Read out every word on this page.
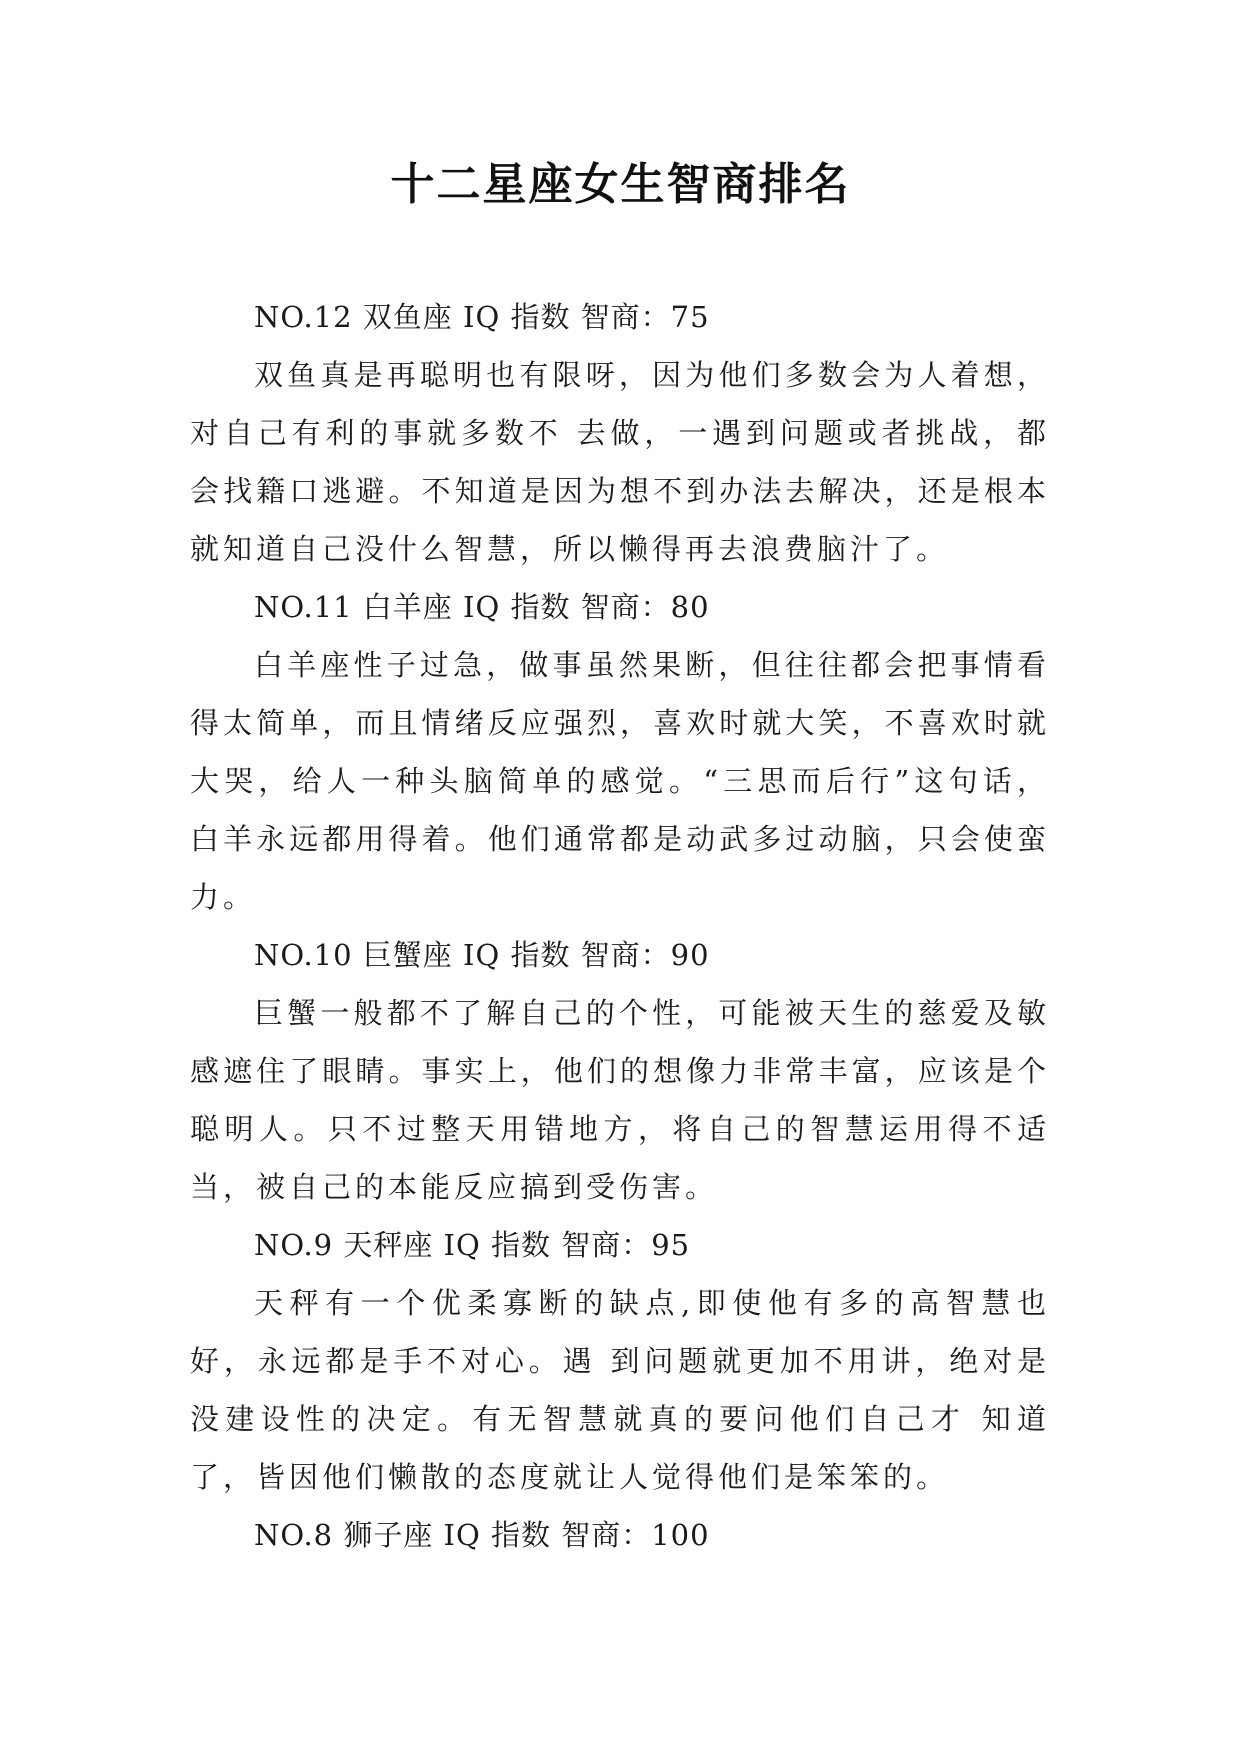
十二星座女生智商排名
NO.12 双鱼座 IQ 指数 智商：75

双鱼真是再聪明也有限呀，因为他们多数会为人着想，对自己有利的事就多数不 去做，一遇到问题或者挑战，都会找籍口逃避。不知道是因为想不到办法去解决，还是根本就知道自己没什么智慧，所以懒得再去浪费脑汁了。

NO.11 白羊座 IQ 指数 智商：80

白羊座性子过急，做事虽然果断，但往往都会把事情看得太简单，而且情绪反应强烈，喜欢时就大笑，不喜欢时就大哭，给人一种头脑简单的感觉。“三思而后行”这句话，白羊永远都用得着。他们通常都是动武多过动脑，只会使蛮力。

NO.10 巨蟹座 IQ 指数 智商：90

巨蟹一般都不了解自己的个性，可能被天生的慈爱及敏感遮住了眼睛。事实上，他们的想像力非常丰富，应该是个聪明人。只不过整天用错地方，将自己的智慧运用得不适当，被自己的本能反应搞到受伤害。

NO.9 天秤座 IQ 指数 智商：95

天秤有一个优柔寡断的缺点,即使他有多的高智慧也好，永远都是手不对心。遇 到问题就更加不用讲，绝对是没建设性的决定。有无智慧就真的要问他们自己才 知道了，皆因他们懒散的态度就让人觉得他们是笨笨的。

NO.8 狮子座 IQ 指数 智商：100
